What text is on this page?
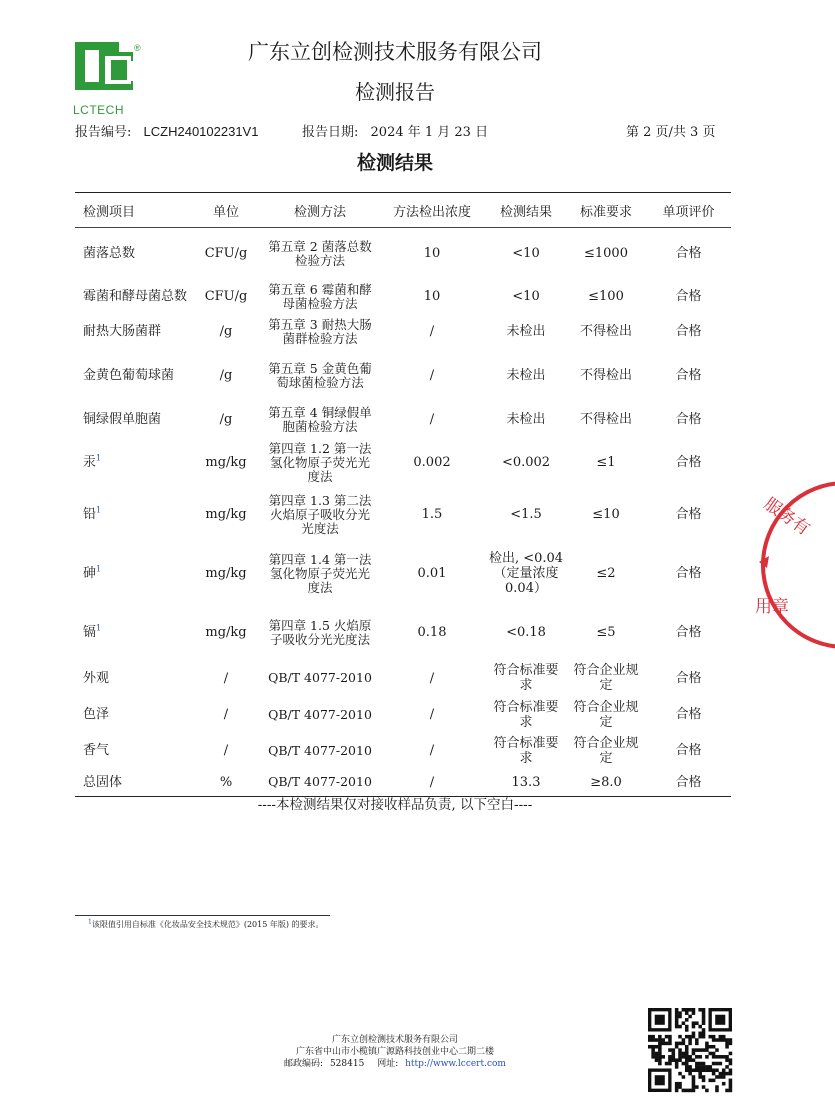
®
LCTECH
广东立创检测技术服务有限公司
检测报告
报告编号: LCZH240102231V1	报告日期: 2024 年 1 月 23 日	第 2 页/共 3 页
检测结果
检测项目	单位	检测方法	方法检出浓度	检测结果	标准要求	单项评价
菌落总数	CFU/g	第五章 2 菌落总数检验方法	10	<10	≤1000	合格
霉菌和酵母菌总数	CFU/g	第五章 6 霉菌和酵母菌检验方法	10	<10	≤100	合格
耐热大肠菌群	/g	第五章 3 耐热大肠菌群检验方法	/	未检出	不得检出	合格
金黄色葡萄球菌	/g	第五章 5 金黄色葡萄球菌检验方法	/	未检出	不得检出	合格
铜绿假单胞菌	/g	第五章 4 铜绿假单胞菌检验方法	/	未检出	不得检出	合格
汞$^1$	mg/kg	第四章 1.2 第一法 氢化物原子荧光光度法	0.002	<0.002	≤1	合格
铅$^1$	mg/kg	第四章 1.3 第二法 火焰原子吸收分光光度法	1.5	<1.5	≤10	合格
砷$^1$	mg/kg	第四章 1.4 第一法 氢化物原子荧光光度法	0.01	检出, <0.04（定量浓度 0.04）	≤2	合格
镉$^1$	mg/kg	第四章 1.5 火焰原子吸收分光光度法	0.18	<0.18	≤5	合格
外观	/	QB/T 4077-2010	/	符合标准要求	符合企业规定	合格
色泽	/	QB/T 4077-2010	/	符合标准要求	符合企业规定	合格
香气	/	QB/T 4077-2010	/	符合标准要求	符合企业规定	合格
总固体	%	QB/T 4077-2010	/	13.3	≥8.0	合格
----本检测结果仅对接收样品负责, 以下空白----
$^1$该限值引用自标准《化妆品安全技术规范》(2015 年版) 的要求。
广东立创检测技术服务有限公司
广东省中山市小榄镇广源路科技创业中心二期二楼
邮政编码: 528415 网址: http://www.lccert.com
服务有
用章
